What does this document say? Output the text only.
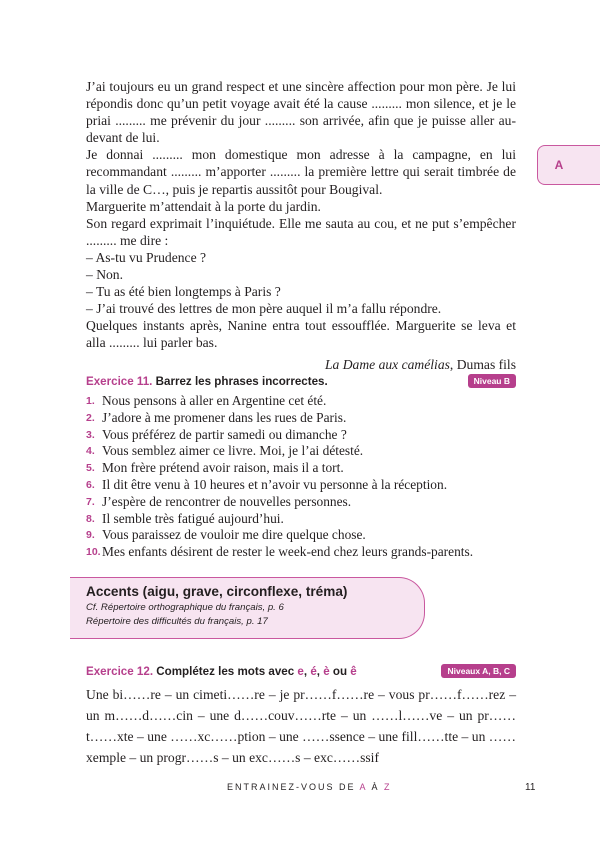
J’ai toujours eu un grand respect et une sincère affection pour mon père. Je lui répondis donc qu’un petit voyage avait été la cause ......... mon silence, et je le priai ......... me prévenir du jour ......... son arrivée, afin que je puisse aller au-devant de lui.

Je donnai ......... mon domestique mon adresse à la campagne, en lui recommandant ......... m’apporter ......... la première lettre qui serait timbrée de la ville de C…, puis je repartis aussitôt pour Bougival.

Marguerite m’attendait à la porte du jardin.

Son regard exprimait l’inquiétude. Elle me sauta au cou, et ne put s’empêcher ......... me dire :

– As-tu vu Prudence ?

– Non.

– Tu as été bien longtemps à Paris ?

– J’ai trouvé des lettres de mon père auquel il m’a fallu répondre.

Quelques instants après, Nanine entra tout essoufflée. Marguerite se leva et alla ......... lui parler bas.

La Dame aux camélias, Dumas fils

A
Exercice 11. Barrez les phrases incorrectes.	Niveau B
1. Nous pensons à aller en Argentine cet été.
2. J’adore à me promener dans les rues de Paris.
3. Vous préférez de partir samedi ou dimanche ?
4. Vous semblez aimer ce livre. Moi, je l’ai détesté.
5. Mon frère prétend avoir raison, mais il a tort.
6. Il dit être venu à 10 heures et n’avoir vu personne à la réception.
7. J’espère de rencontrer de nouvelles personnes.
8. Il semble très fatigué aujourd’hui.
9. Vous paraissez de vouloir me dire quelque chose.
10. Mes enfants désirent de rester le week-end chez leurs grands-parents.
Accents (aigu, grave, circonflexe, tréma)
Cf. Répertoire orthographique du français, p. 6
Répertoire des difficultés du français, p. 17
Exercice 12. Complétez les mots avec e, é, è ou ê	Niveaux A, B, C
Une bi……re – un cimeti……re – je pr……f……re – vous pr……f……rez – un m……d……cin – une d……couv……rte – un ……l……ve – un pr……t……xte – une ……xc……ption – une ……ssence – une fill……tte – un ……xemple – un progr……s – un exc……s – exc……ssif
ENTRAINEZ-VOUS DE A À Z	11
